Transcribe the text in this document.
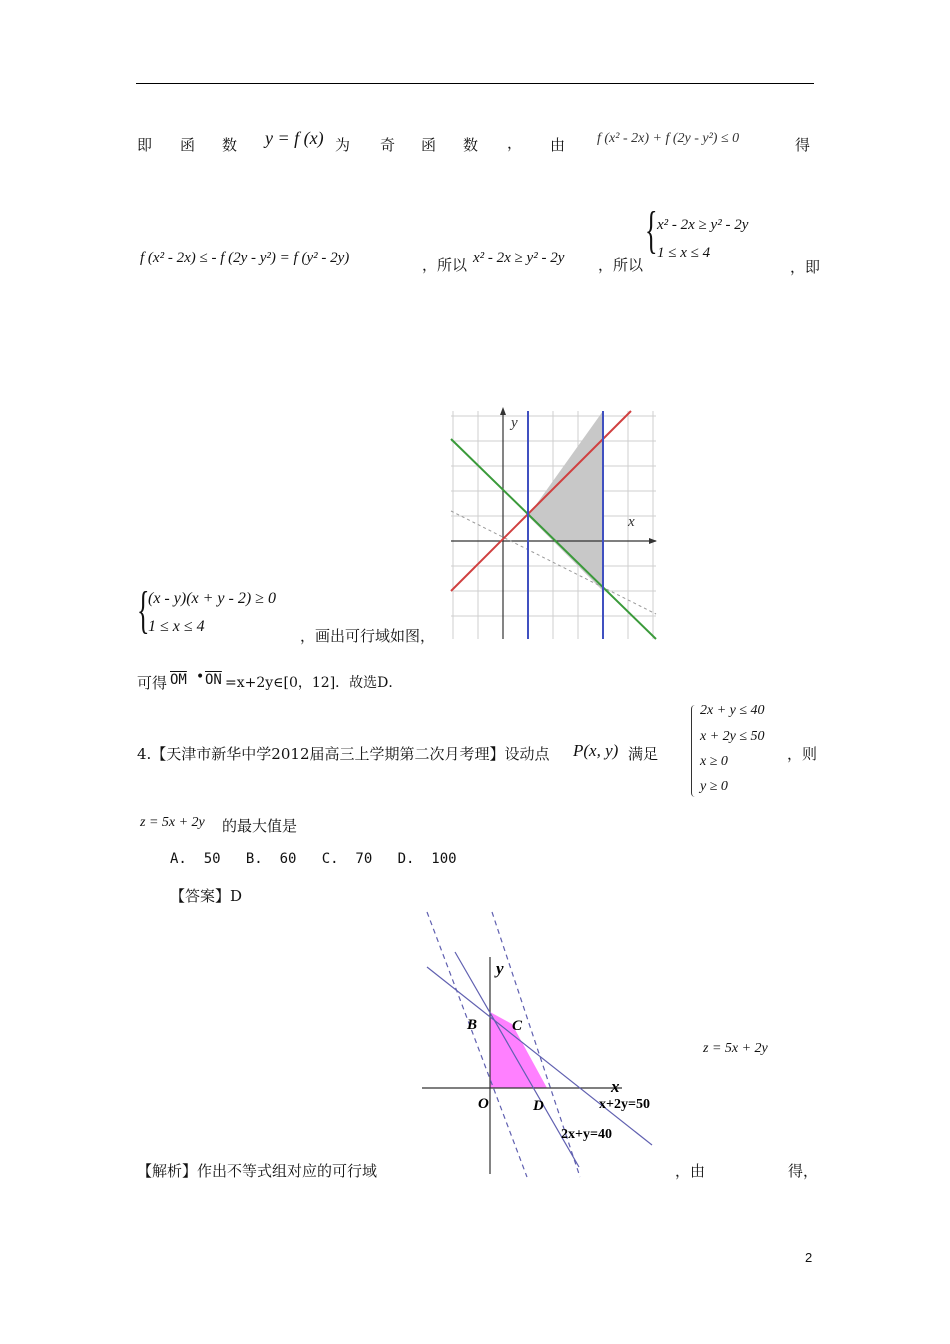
即 函 数 y = f (x) 为 奇 函 数 ， 由 f (x² - 2x) + f (2y - y²) ≤ 0	得
f (x² - 2x) ≤ - f (2y - y²) = f (y² - 2y)	，所以 x² - 2x ≥ y² - 2y ，所以
{ x² - 2x ≥ y² - 2y
1 ≤ x ≤ 4
，即
y
x
{
(x - y)(x + y - 2) ≥ 0
1 ≤ x ≤ 4
，画出可行域如图，
可得 $\overline{OM}$ • $\overline{ON}$ =x+2y∈[0，12]．故选D．
4.【天津市新华中学2012届高三上学期第二次月考理】设动点 P(x, y) 满足
2x + y ≤ 40
x + 2y ≤ 50
x ≥ 0
y ≥ 0
，则
z = 5x + 2y 的最大值是
A.  50   B.  60   C.  70   D.  100
【答案】D
y
x
B C
O	D	x+2y=50
2x+y=40
z = 5x + 2y
【解析】作出不等式组对应的可行域	，由	得，
2
